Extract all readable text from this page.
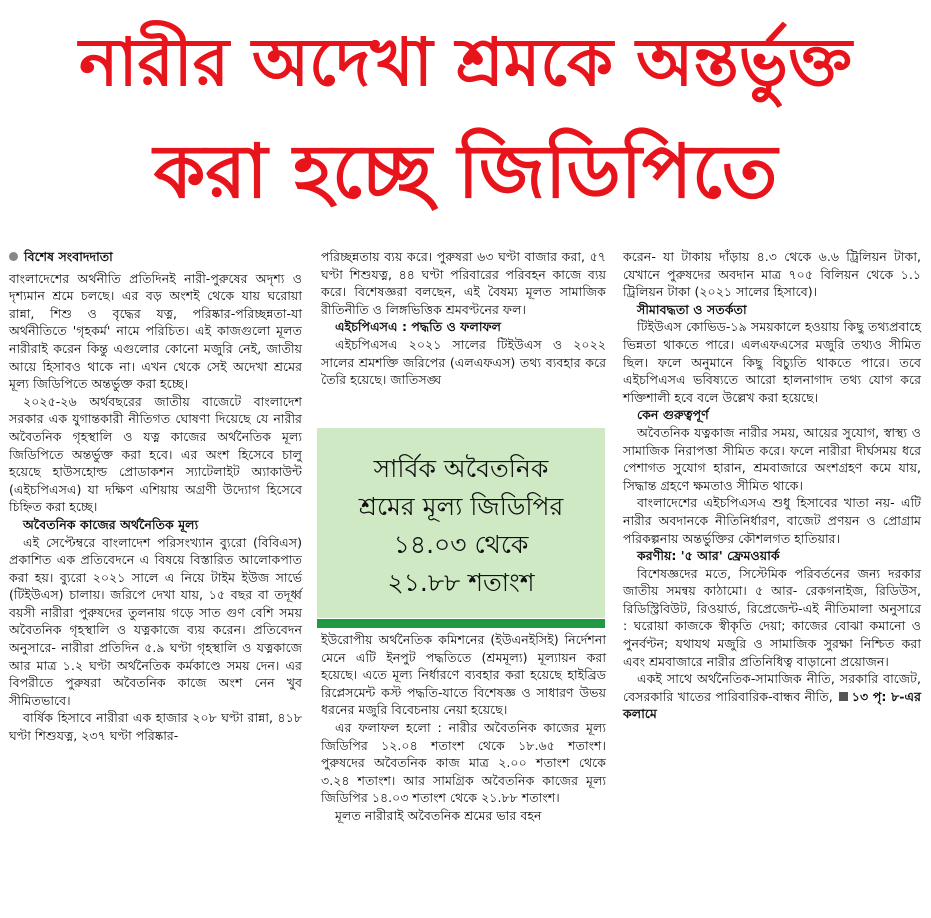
নারীর অদেখা শ্রমকে অন্তর্ভুক্ত
করা হচ্ছে জিডিপিতে
বিশেষ সংবাদদাতা

বাংলাদেশের অর্থনীতি প্রতিদিনই নারী-পুরুষের অদৃশ্য ও দৃশ্যমান শ্রমে চলছে। এর বড় অংশই থেকে যায় ঘরোয়া রান্না, শিশু ও বৃদ্ধের যত্ন, পরিষ্কার-পরিচ্ছন্নতা-যা অর্থনীতিতে 'গৃহকর্ম' নামে পরিচিত। এই কাজগুলো মূলত নারীরাই করেন কিন্তু এগুলোর কোনো মজুরি নেই, জাতীয় আয়ে হিসাবও থাকে না। এখন থেকে সেই অদেখা শ্রমের মূল্য জিডিপিতে অন্তর্ভুক্ত করা হচ্ছে।

২০২৫-২৬ অর্থবছরের জাতীয় বাজেটে বাংলাদেশ সরকার এক যুগান্তকারী নীতিগত ঘোষণা দিয়েছে যে নারীর অবৈতনিক গৃহস্থালি ও যত্ন কাজের অর্থনৈতিক মূল্য জিডিপিতে অন্তর্ভুক্ত করা হবে। এর অংশ হিসেবে চালু হয়েছে হাউসহোল্ড প্রোডাকশন স্যাটেলাইট অ্যাকাউন্ট (এইচপিএসএ) যা দক্ষিণ এশিয়ায় অগ্রণী উদ্যোগ হিসেবে চিহ্নিত করা হচ্ছে।

অবৈতনিক কাজের অর্থনৈতিক মূল্য

এই সেপ্টেম্বরে বাংলাদেশ পরিসংখ্যান ব্যুরো (বিবিএস) প্রকাশিত এক প্রতিবেদনে এ বিষয়ে বিস্তারিত আলোকপাত করা হয়। ব্যুরো ২০২১ সালে এ নিয়ে টাইম ইউজ সার্ভে (টিইউএস) চালায়। জরিপে দেখা যায়, ১৫ বছর বা তদূর্ধ্ব বয়সী নারীরা পুরুষদের তুলনায় গড়ে সাত গুণ বেশি সময় অবৈতনিক গৃহস্থালি ও যত্নকাজে ব্যয় করেন। প্রতিবেদন অনুসারে- নারীরা প্রতিদিন ৫.৯ ঘণ্টা গৃহস্থালি ও যত্নকাজে আর মাত্র ১.২ ঘণ্টা অর্থনৈতিক কর্মকাণ্ডে সময় দেন। এর বিপরীতে পুরুষরা অবৈতনিক কাজে অংশ নেন খুব সীমিতভাবে।

বার্ষিক হিসাবে নারীরা এক হাজার ২০৮ ঘণ্টা রান্না, ৪১৮ ঘণ্টা শিশুযত্ন, ২৩৭ ঘণ্টা পরিষ্কার-

পরিচ্ছন্নতায় ব্যয় করে। পুরুষরা ৬৩ ঘণ্টা বাজার করা, ৫৭ ঘণ্টা শিশুযত্ন, ৪৪ ঘণ্টা পরিবারের পরিবহন কাজে ব্যয় করে। বিশেষজ্ঞরা বলছেন, এই বৈষম্য মূলত সামাজিক রীতিনীতি ও লিঙ্গভিত্তিক শ্রমবণ্টনের ফল।

এইচপিএসএ : পদ্ধতি ও ফলাফল

এইচপিএসএ ২০২১ সালের টিইউএস ও ২০২২ সালের শ্রমশক্তি জরিপের (এলএফএস) তথ্য ব্যবহার করে তৈরি হয়েছে। জাতিসঙ্ঘ

সার্বিক অবৈতনিক
শ্রমের মূল্য জিডিপির
১৪.০৩ থেকে
২১.৮৮ শতাংশ

ইউরোপীয় অর্থনৈতিক কমিশনের (ইউএনইসিই) নির্দেশনা মেনে এটি ইনপুট পদ্ধতিতে (শ্রমমূল্য) মূল্যায়ন করা হয়েছে। এতে মূল্য নির্ধারণে ব্যবহার করা হয়েছে হাইব্রিড রিপ্লেসমেন্ট কস্ট পদ্ধতি-যাতে বিশেষজ্ঞ ও সাধারণ উভয় ধরনের মজুরি বিবেচনায় নেয়া হয়েছে।

এর ফলাফল হলো : নারীর অবৈতনিক কাজের মূল্য জিডিপির ১২.০৪ শতাংশ থেকে ১৮.৬৫ শতাংশ। পুরুষদের অবৈতনিক কাজ মাত্র ২.০০ শতাংশ থেকে ৩.২৪ শতাংশ। আর সামগ্রিক অবৈতনিক কাজের মূল্য জিডিপির ১৪.০৩ শতাংশ থেকে ২১.৮৮ শতাংশ।

মূলত নারীরাই অবৈতনিক শ্রমের ভার বহন

করেন- যা টাকায় দাঁড়ায় ৪.৩ থেকে ৬.৬ ট্রিলিয়ন টাকা, যেখানে পুরুষদের অবদান মাত্র ৭০৫ বিলিয়ন থেকে ১.১ ট্রিলিয়ন টাকা (২০২১ সালের হিসাবে)।

সীমাবদ্ধতা ও সতর্কতা

টিইউএস কোভিড-১৯ সময়কালে হওয়ায় কিছু তথ্যপ্রবাহে ভিন্নতা থাকতে পারে। এলএফএসের মজুরি তথ্যও সীমিত ছিল। ফলে অনুমানে কিছু বিচ্যুতি থাকতে পারে। তবে এইচপিএসএ ভবিষ্যতে আরো হালনাগাদ তথ্য যোগ করে শক্তিশালী হবে বলে উল্লেখ করা হয়েছে।

কেন গুরুত্বপূর্ণ

অবৈতনিক যত্নকাজ নারীর সময়, আয়ের সুযোগ, স্বাস্থ্য ও সামাজিক নিরাপত্তা সীমিত করে। ফলে নারীরা দীর্ঘসময় ধরে পেশাগত সুযোগ হারান, শ্রমবাজারে অংশগ্রহণ কমে যায়, সিদ্ধান্ত গ্রহণে ক্ষমতাও সীমিত থাকে।

বাংলাদেশের এইচপিএসএ শুধু হিসাবের খাতা নয়- এটি নারীর অবদানকে নীতিনির্ধারণ, বাজেট প্রণয়ন ও প্রোগ্রাম পরিকল্পনায় অন্তর্ভুক্তির কৌশলগত হাতিয়ার।

করণীয়: '৫ আর' ফ্রেমওয়ার্ক

বিশেষজ্ঞদের মতে, সিস্টেমিক পরিবর্তনের জন্য দরকার জাতীয় সমন্বয় কাঠামো। ৫ আর- রেকগনাইজ, রিডিউস, রিডিস্ট্রিবিউট, রিওয়ার্ড, রিপ্রেজেন্ট-এই নীতিমালা অনুসারে : ঘরোয়া কাজকে স্বীকৃতি দেয়া; কাজের বোঝা কমানো ও পুনর্বণ্টন; যথাযথ মজুরি ও সামাজিক সুরক্ষা নিশ্চিত করা এবং শ্রমবাজারে নারীর প্রতিনিধিত্ব বাড়ানো প্রয়োজন।

একই সাথে অর্থনৈতিক-সামাজিক নীতি, সরকারি বাজেট, বেসরকারি খাতের পারিবারিক-বান্ধব নীতি, ১৩ পৃ: ৮-এর কলামে
